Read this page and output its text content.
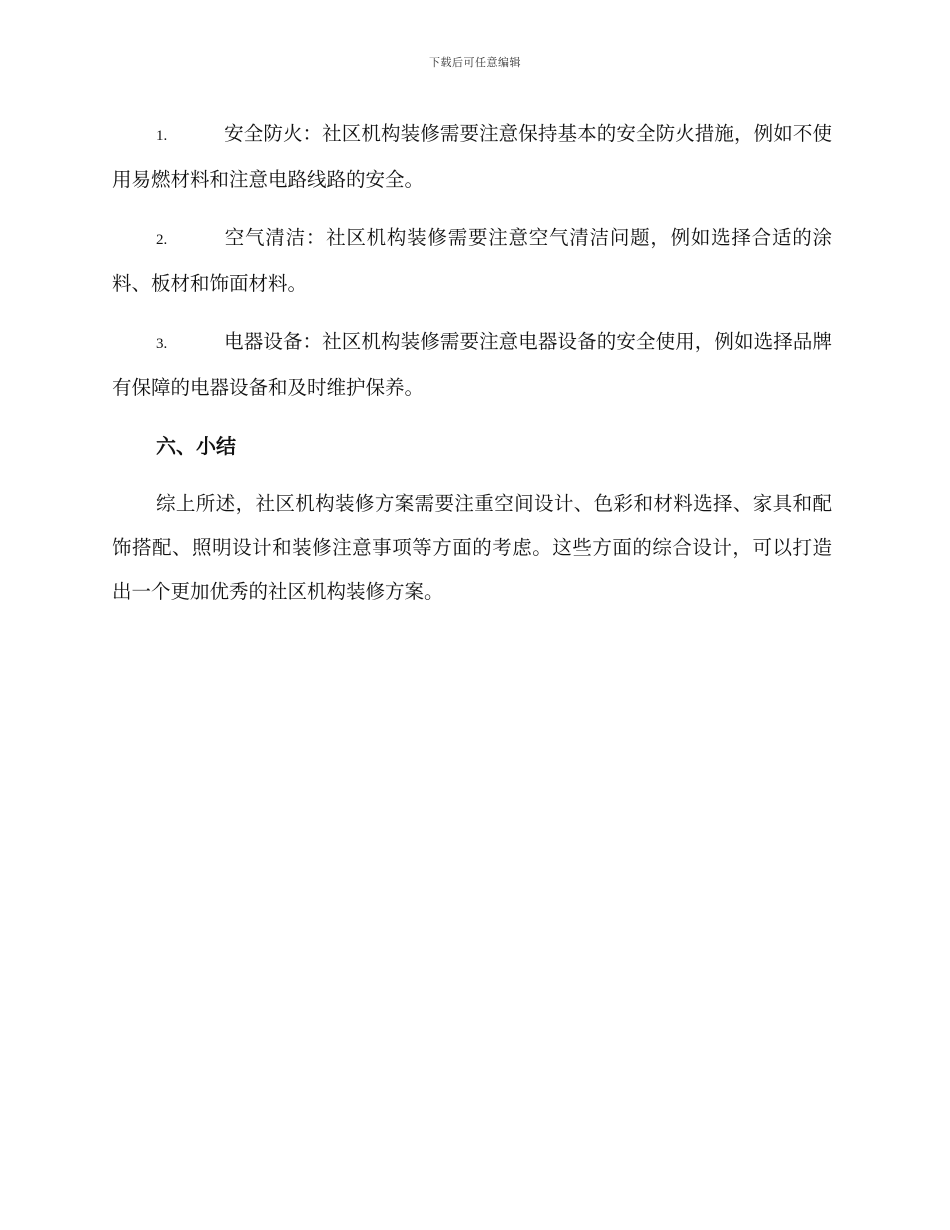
下载后可任意编辑

1.	安全防火：社区机构装修需要注意保持基本的安全防火措施，例如不使用易燃材料和注意电路线路的安全。

2.	空气清洁：社区机构装修需要注意空气清洁问题，例如选择合适的涂料、板材和饰面材料。

3.	电器设备：社区机构装修需要注意电器设备的安全使用，例如选择品牌有保障的电器设备和及时维护保养。

六、小结

综上所述，社区机构装修方案需要注重空间设计、色彩和材料选择、家具和配饰搭配、照明设计和装修注意事项等方面的考虑。这些方面的综合设计，可以打造出一个更加优秀的社区机构装修方案。
